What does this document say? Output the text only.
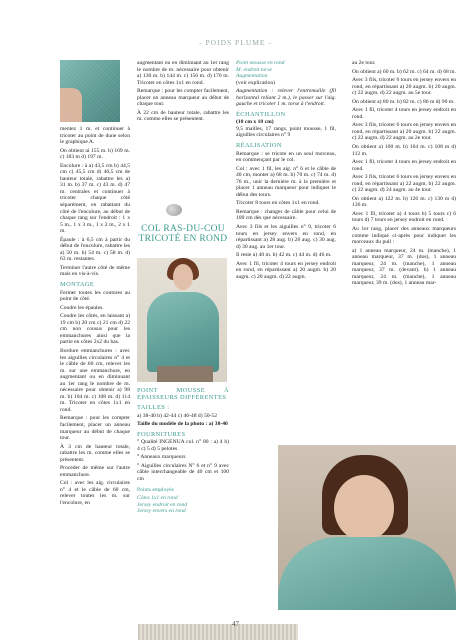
- POIDS PLUME -

mentez 1 m. et continuer à tricoter au point de dune selon le graphique A.

On obtient ai 155 m. b) 169 m. c) 183 m d) 197 m.

Encolure : à a) 43,5 cm b) 44,5 cm c) 45,5 cm d) 46,5 cm de hauteur totale, rabattre les a) 31 m. b) 37 m. c) 43 m. d) 47 m. centrales et continuer à tricoter chaque côté séparément, en rabattant du côté de l'encolure, au début de chaque rang sur l'endroit : 1 x 5 m., 1 x 3 m., 1 x 2 m., 2 x 1 m.

Épaule : à 6,5 cm à partir du début de l'encolure, rabattre les a) 50 m. b) 54 m. c) 58 m. d) 63 m. restantes.

Terminer l'autre côté de même mais en vis-à-vis.

MONTAGE

Fermer toutes les coutures au point de côté.

Coudre les épaules.

Coudre les côtés, en laissant a) 19 cm b) 20 cm c) 21 cm d) 22 cm non cousus pour les emmanchures ainsi que la partie en côtes 2x2 du bas.

Bordure emmanchures : avec les aiguilles circulaires n° 4 et le câble de 60 cm, relever les m. sur une emmanchure, en augmentant ou en diminuant au 1er rang le nombre de m. nécessaire pour obtenir a) 98 m. b) 104 m. c) 108 m. d) 114 m. Tricoter en côtes 1x1 en rond.

Remarque : pour les compter facilement, placer un anneau marqueur au début de chaque tour.

À 3 cm de hauteur totale, rabattre les m. comme elles se présentent.

Procéder de même sur l'autre emmanchure.

Col : avec les aig. circulaires n° 4 et le câble de 60 cm, relever toutes les m. sur l'encolure, en

augmentant ou en diminuant au 1er rang le nombre de m. nécessaire pour obtenir a) 130 m. b) 144 m. c) 156 m. d) 170 m. Tricoter en côtes 1x1 en rond.

Remarque : pour les compter facilement, placer un anneau marqueur au début de chaque tour.

À 22 cm de hauteur totale, rabattre les m. comme elles se présentent.

COL RAS-DU-COU TRICOTÉ EN ROND
POINT MOUSSE À ÉPAISSEURS DIFFÉRENTES
TAILLES :

a) 38-40 b) 42-44 c) 46-48 d) 50-52

Taille du modèle de la photo : a) 38-40

FOURNITURES

° Qualité INGENUA col. n° 80 : a) 4 b) 4 c) 5 d) 5 pelotes

° Anneaux marqueurs

° Aiguilles circulaires N° 6 et n° 9 avec câble interchangeable de 40 cm et 100 cm

Points employés

Côtes 1x1 en rond

Jersey endroit en rond

Jersey envers en rond

Point mousse en rond

M. endroit torse

Augmentation

(voir explication)

Augmentation : relever l'entremaille (fil horizontal reliant 2 m.), le passer sur l'aig. gauche et tricoter 1 m. torse à l'endroit.

ÉCHANTILLON

(10 cm x 10 cm)

9,5 mailles, 17 rangs, point mousse, 1 fil, aiguilles circulaires n° 9

RÉALISATION

Remarque : se tricote en un seul morceau, en commençant par le col.

Col : avec 1 fil, les aig. n° 6 et le câble de 40 cm, monter a) 68 m. b) 70 m. c) 74 m. d) 76 m., unir la dernière m. à la première et placer 1 anneau marqueur pour indiquer le début des tours.

Tricoter 8 tours en côtes 1x1 en rond.

Remarque : changer de câble pour celui de 100 cm dès que nécessaire.

Avec 3 fils et les aiguilles n° 9, tricoter 6 tours en jersey envers en rond, en répartissant a) 28 aug. b) 28 aug. c) 30 aug. d) 30 aug. au 1er tour.

Il reste a) 40 m. b) 42 m. c) 44 m. d) 46 m.

Avec 1 fil, tricoter 4 tours en jersey endroit en rond, en répartissant a) 20 augm. b) 20 augm. c) 20 augm. d) 22 augm.

au 2e tour.

On obtient a) 60 m. b) 62 m. c) 64 m. d) 68 m.

Avec 3 fils, tricoter 6 tours en jersey envers en rond, en répartissant a) 20 augm. b) 20 augm. c) 22 augm. d) 22 augm. au 5e tour.

On obtient a) 80 m. b) 82 m. c) 86 m d) 90 m.

Avec 1 fil, tricoter 4 tours en jersey endroit en rond.

Avec 3 fils, tricoter 6 tours en jersey envers en rond, en répartissant a) 20 augm. b) 22 augm. c) 22 augm. d) 22 augm. au 2e tour.

On obtient a) 100 m. b) 104 m. c) 108 m d) 112 m.

Avec 1 fil, tricoter 4 tours en jersey endroit en rond.

Avec 3 fils, tricoter 6 tours en jersey envers en rond, en répartissant a) 22 augm. b) 22 augm. c) 22 augm. d) 24 augm. au 4e tour.

On obtient a) 122 m. b) 126 m. c) 130 m d) 136 m.

Avec 1 fil, tricoter a) 4 tours b) 5 tours c) 6 tours d) 7 tours en jersey endroit en rond.

Au 1er rang, placer des anneaux marqueurs comme indiqué ci-après pour indiquer les morceaux du pull :

a) 1 anneau marqueur, 24 m. (manche), 1 anneau marqueur, 37 m. (dos), 1 anneau marqueur, 24 m. (manche), 1 anneau marqueur, 37 m. (devant). b) 1 anneau marqueur, 24 m. (manche), 1 anneau marqueur, 39 m. (dos), 1 anneau mar-

47
